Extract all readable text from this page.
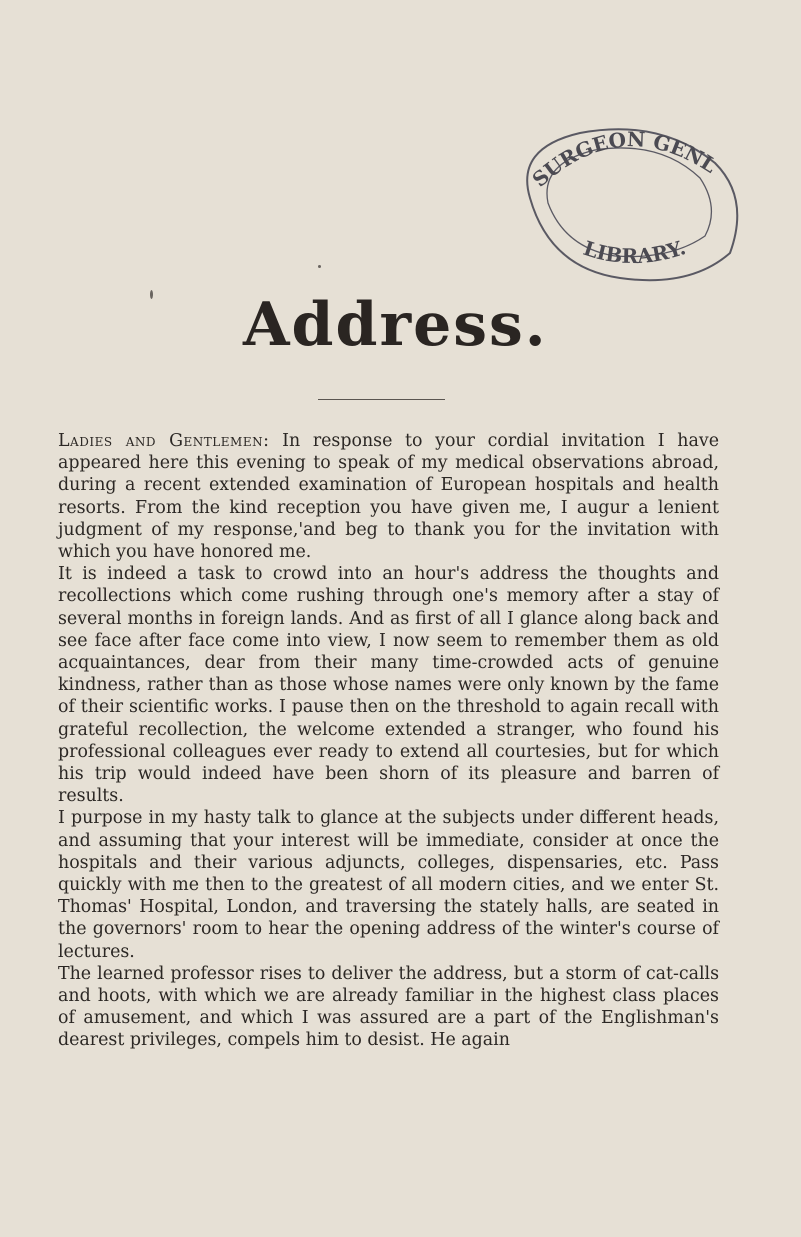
SURGEON GENL'S OFFICE
LIBRARY.
Address.

Ladies and Gentlemen: In response to your cordial invitation I have appeared here this evening to speak of my medical observations abroad, during a recent extended examination of European hospitals and health resorts. From the kind reception you have given me, I augur a lenient judgment of my response,'and beg to thank you for the invitation with which you have honored me.

It is indeed a task to crowd into an hour's address the thoughts and recollections which come rushing through one's memory after a stay of several months in foreign lands. And as first of all I glance along back and see face after face come into view, I now seem to remember them as old acquaintances, dear from their many time-crowded acts of genuine kindness, rather than as those whose names were only known by the fame of their scientific works. I pause then on the threshold to again recall with grateful recollection, the welcome extended a stranger, who found his professional colleagues ever ready to extend all courtesies, but for which his trip would indeed have been shorn of its pleasure and barren of results.

I purpose in my hasty talk to glance at the subjects under different heads, and assuming that your interest will be immediate, consider at once the hospitals and their various adjuncts, colleges, dispensaries, etc. Pass quickly with me then to the greatest of all modern cities, and we enter St. Thomas' Hospital, London, and traversing the stately halls, are seated in the governors' room to hear the opening address of the winter's course of lectures.

The learned professor rises to deliver the address, but a storm of cat-calls and hoots, with which we are already familiar in the highest class places of amusement, and which I was assured are a part of the Englishman's dearest privileges, compels him to desist. He again
